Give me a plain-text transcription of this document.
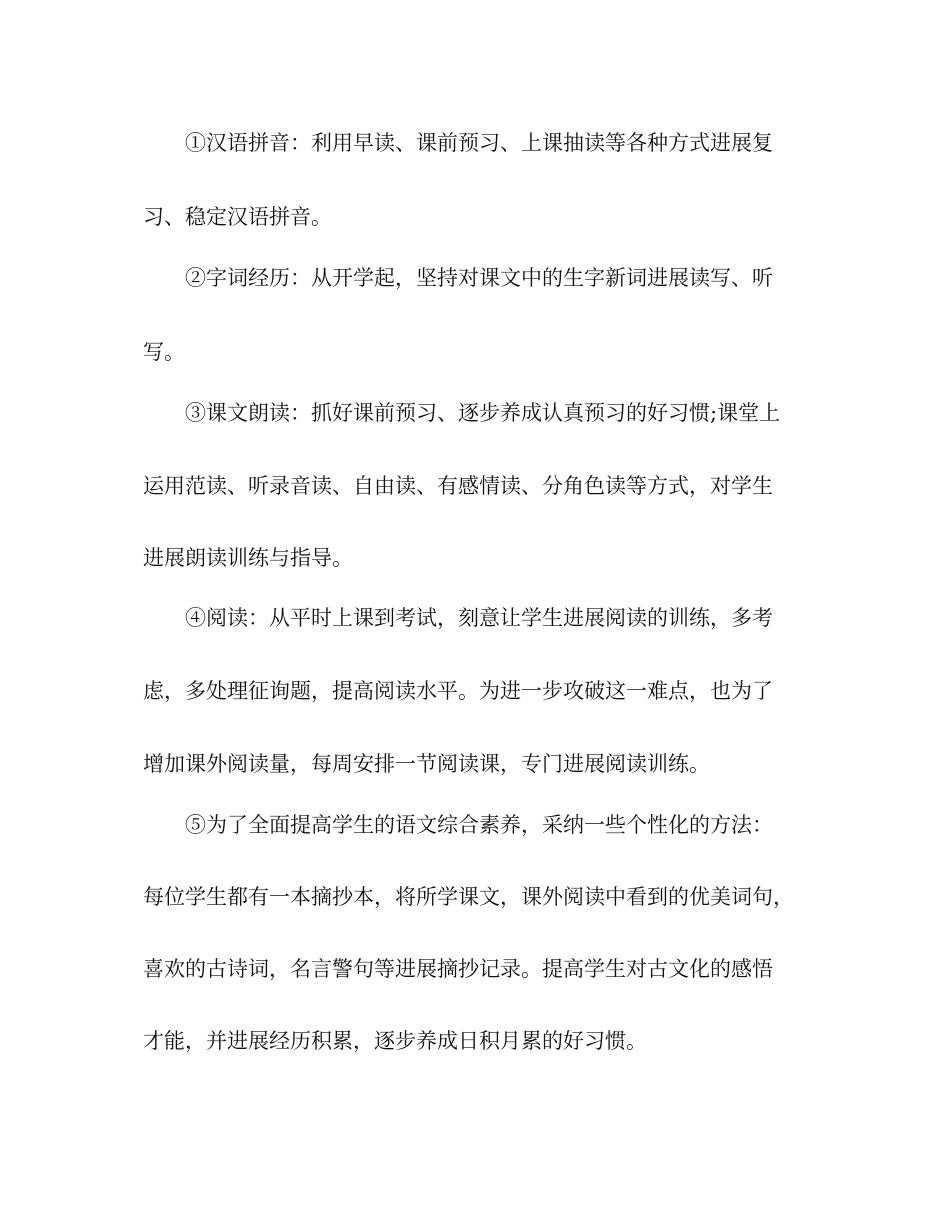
①汉语拼音：利用早读、课前预习、上课抽读等各种方式进展复
习、稳定汉语拼音。
②字词经历：从开学起，坚持对课文中的生字新词进展读写、听
写。
③课文朗读：抓好课前预习、逐步养成认真预习的好习惯;课堂上
运用范读、听录音读、自由读、有感情读、分角色读等方式，对学生
进展朗读训练与指导。
④阅读：从平时上课到考试，刻意让学生进展阅读的训练，多考
虑，多处理征询题，提高阅读水平。为进一步攻破这一难点，也为了
增加课外阅读量，每周安排一节阅读课，专门进展阅读训练。
⑤为了全面提高学生的语文综合素养，采纳一些个性化的方法：
每位学生都有一本摘抄本，将所学课文，课外阅读中看到的优美词句，
喜欢的古诗词，名言警句等进展摘抄记录。提高学生对古文化的感悟
才能，并进展经历积累，逐步养成日积月累的好习惯。
